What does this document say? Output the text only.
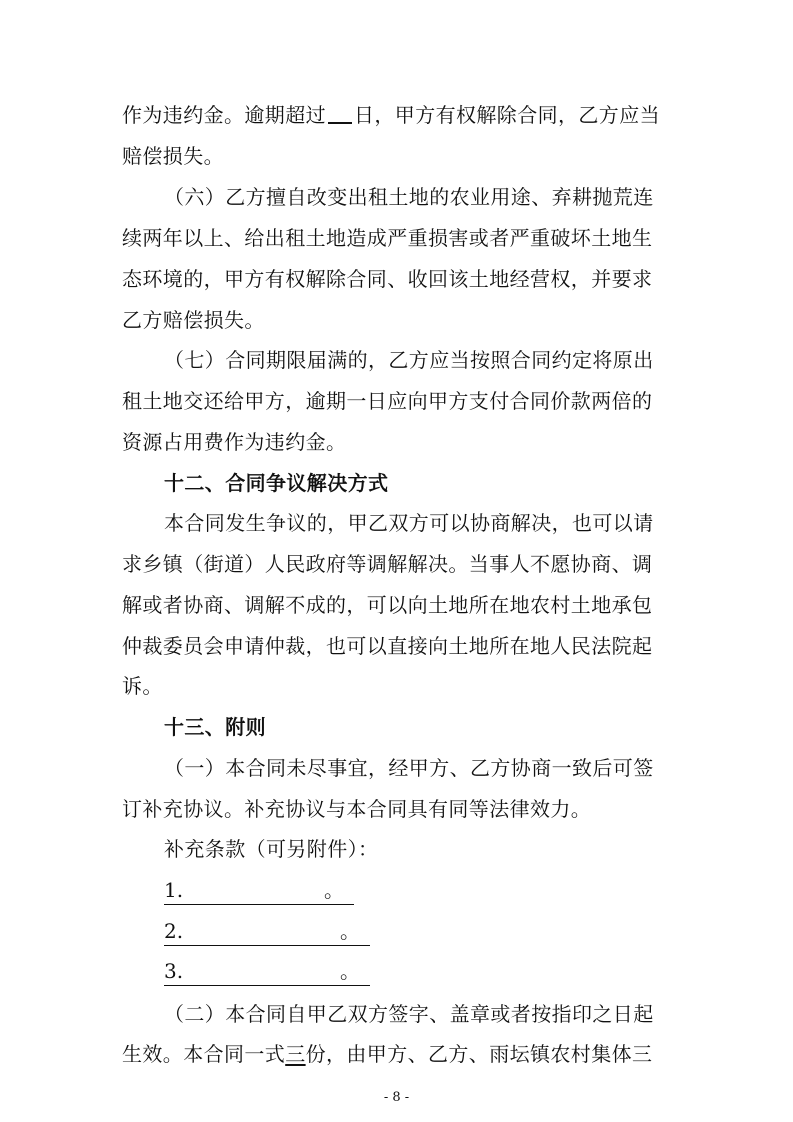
作为违约金。逾期超过 日，甲方有权解除合同，乙方应当
赔偿损失。
（六）乙方擅自改变出租土地的农业用途、弃耕抛荒连
续两年以上、给出租土地造成严重损害或者严重破坏土地生
态环境的，甲方有权解除合同、收回该土地经营权，并要求
乙方赔偿损失。
（七）合同期限届满的，乙方应当按照合同约定将原出
租土地交还给甲方，逾期一日应向甲方支付合同价款两倍的
资源占用费作为违约金。
十二、合同争议解决方式
本合同发生争议的，甲乙双方可以协商解决，也可以请
求乡镇（街道）人民政府等调解解决。当事人不愿协商、调
解或者协商、调解不成的，可以向土地所在地农村土地承包
仲裁委员会申请仲裁，也可以直接向土地所在地人民法院起
诉。
十三、附则
（一）本合同未尽事宜，经甲方、乙方协商一致后可签
订补充协议。补充协议与本合同具有同等法律效力。
补充条款（可另附件）：
1.	。
2.	。
3.	。
（二）本合同自甲乙双方签字、盖章或者按指印之日起
生效。本合同一式三份，由甲方、乙方、雨坛镇农村集体三
- 8 -
